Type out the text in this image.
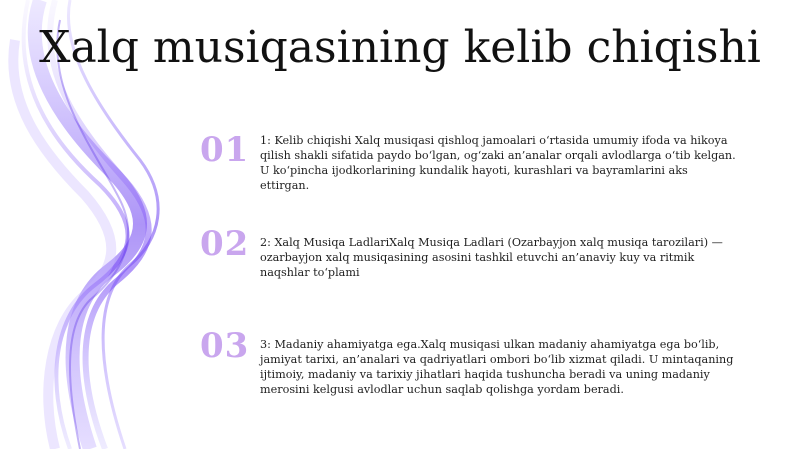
Xalq musiqasining kelib chiqishi
01 1: Kelib chiqishi Xalq musiqasi qishloq jamoalari o‘rtasida umumiy ifoda va hikoya qilish shakli sifatida paydo bo‘lgan, og‘zaki an’analar orqali avlodlarga o‘tib kelgan. U ko‘pincha ijodkorlarining kundalik hayoti, kurashlari va bayramlarini aks ettirgan.
02 2: Xalq Musiqa LadlariXalq Musiqa Ladlari (Ozarbayjon xalq musiqa tarozilari) — ozarbayjon xalq musiqasining asosini tashkil etuvchi an’anaviy kuy va ritmik naqshlar to‘plami
03 3: Madaniy ahamiyatga ega.Xalq musiqasi ulkan madaniy ahamiyatga ega bo‘lib, jamiyat tarixi, an’analari va qadriyatlari ombori bo‘lib xizmat qiladi. U mintaqaning ijtimoiy, madaniy va tarixiy jihatlari haqida tushuncha beradi va uning madaniy merosini kelgusi avlodlar uchun saqlab qolishga yordam beradi.
